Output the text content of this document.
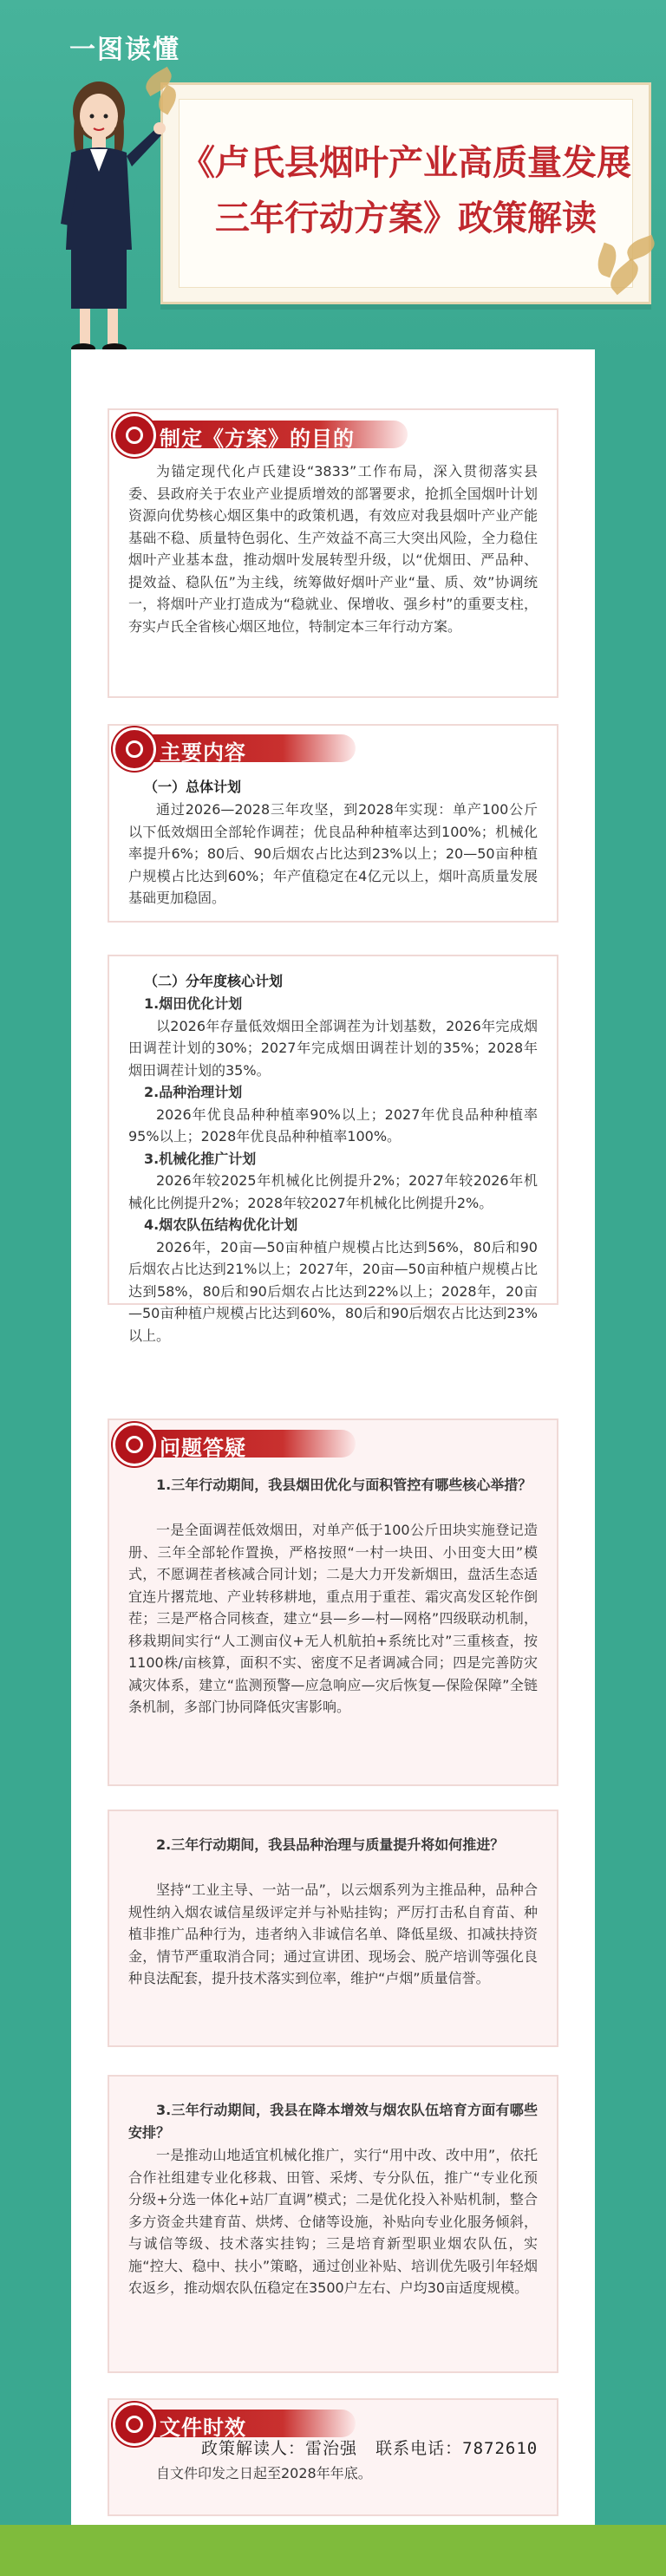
一图读懂
《卢氏县烟叶产业高质量发展
三年行动方案》政策解读
为锚定现代化卢氏建设“3833”工作布局，深入贯彻落实县委、县政府关于农业产业提质增效的部署要求，抢抓全国烟叶计划资源向优势核心烟区集中的政策机遇，有效应对我县烟叶产业产能基础不稳、质量特色弱化、生产效益不高三大突出风险，全力稳住烟叶产业基本盘，推动烟叶发展转型升级，以“优烟田、严品种、提效益、稳队伍”为主线，统筹做好烟叶产业“量、质、效”协调统一，将烟叶产业打造成为“稳就业、保增收、强乡村”的重要支柱，夯实卢氏全省核心烟区地位，特制定本三年行动方案。
制定《方案》的目的
（一）总体计划
通过2026—2028三年攻坚，到2028年实现：单产100公斤以下低效烟田全部轮作调茬；优良品种种植率达到100%；机械化率提升6%；80后、90后烟农占比达到23%以上；20—50亩种植户规模占比达到60%；年产值稳定在4亿元以上，烟叶高质量发展基础更加稳固。
主要内容
（二）分年度核心计划
1.烟田优化计划
以2026年存量低效烟田全部调茬为计划基数，2026年完成烟田调茬计划的30%；2027年完成烟田调茬计划的35%；2028年烟田调茬计划的35%。
2.品种治理计划
2026年优良品种种植率90%以上；2027年优良品种种植率95%以上；2028年优良品种种植率100%。
3.机械化推广计划
2026年较2025年机械化比例提升2%；2027年较2026年机械化比例提升2%；2028年较2027年机械化比例提升2%。
4.烟农队伍结构优化计划
2026年，20亩—50亩种植户规模占比达到56%，80后和90后烟农占比达到21%以上；2027年，20亩—50亩种植户规模占比达到58%，80后和90后烟农占比达到22%以上；2028年，20亩—50亩种植户规模占比达到60%，80后和90后烟农占比达到23%以上。
1.三年行动期间，我县烟田优化与面积管控有哪些核心举措？
一是全面调茬低效烟田，对单产低于100公斤田块实施登记造册、三年全部轮作置换，严格按照“一村一块田、小田变大田”模式，不愿调茬者核减合同计划；二是大力开发新烟田，盘活生态适宜连片撂荒地、产业转移耕地，重点用于重茬、霜灾高发区轮作倒茬；三是严格合同核查，建立“县—乡—村—网格”四级联动机制，移栽期间实行“人工测亩仪+无人机航拍+系统比对”三重核查，按1100株/亩核算，面积不实、密度不足者调减合同；四是完善防灾减灾体系，建立“监测预警—应急响应—灾后恢复—保险保障”全链条机制，多部门协同降低灾害影响。
问题答疑
2.三年行动期间，我县品种治理与质量提升将如何推进？
坚持“工业主导、一站一品”，以云烟系列为主推品种，品种合规性纳入烟农诚信星级评定并与补贴挂钩；严厉打击私自育苗、种植非推广品种行为，违者纳入非诚信名单、降低星级、扣减扶持资金，情节严重取消合同；通过宣讲团、现场会、脱产培训等强化良种良法配套，提升技术落实到位率，维护“卢烟”质量信誉。
3.三年行动期间，我县在降本增效与烟农队伍培育方面有哪些安排？
一是推动山地适宜机械化推广，实行“用中改、改中用”，依托合作社组建专业化移栽、田管、采烤、专分队伍，推广“专业化预分级+分选一体化+站厂直调”模式；二是优化投入补贴机制，整合多方资金共建育苗、烘烤、仓储等设施，补贴向专业化服务倾斜，与诚信等级、技术落实挂钩；三是培育新型职业烟农队伍，实施“控大、稳中、扶小”策略，通过创业补贴、培训优先吸引年轻烟农返乡，推动烟农队伍稳定在3500户左右、户均30亩适度规模。
自文件印发之日起至2028年年底。
文件时效
政策解读人：雷治强 联系电话：7872610
